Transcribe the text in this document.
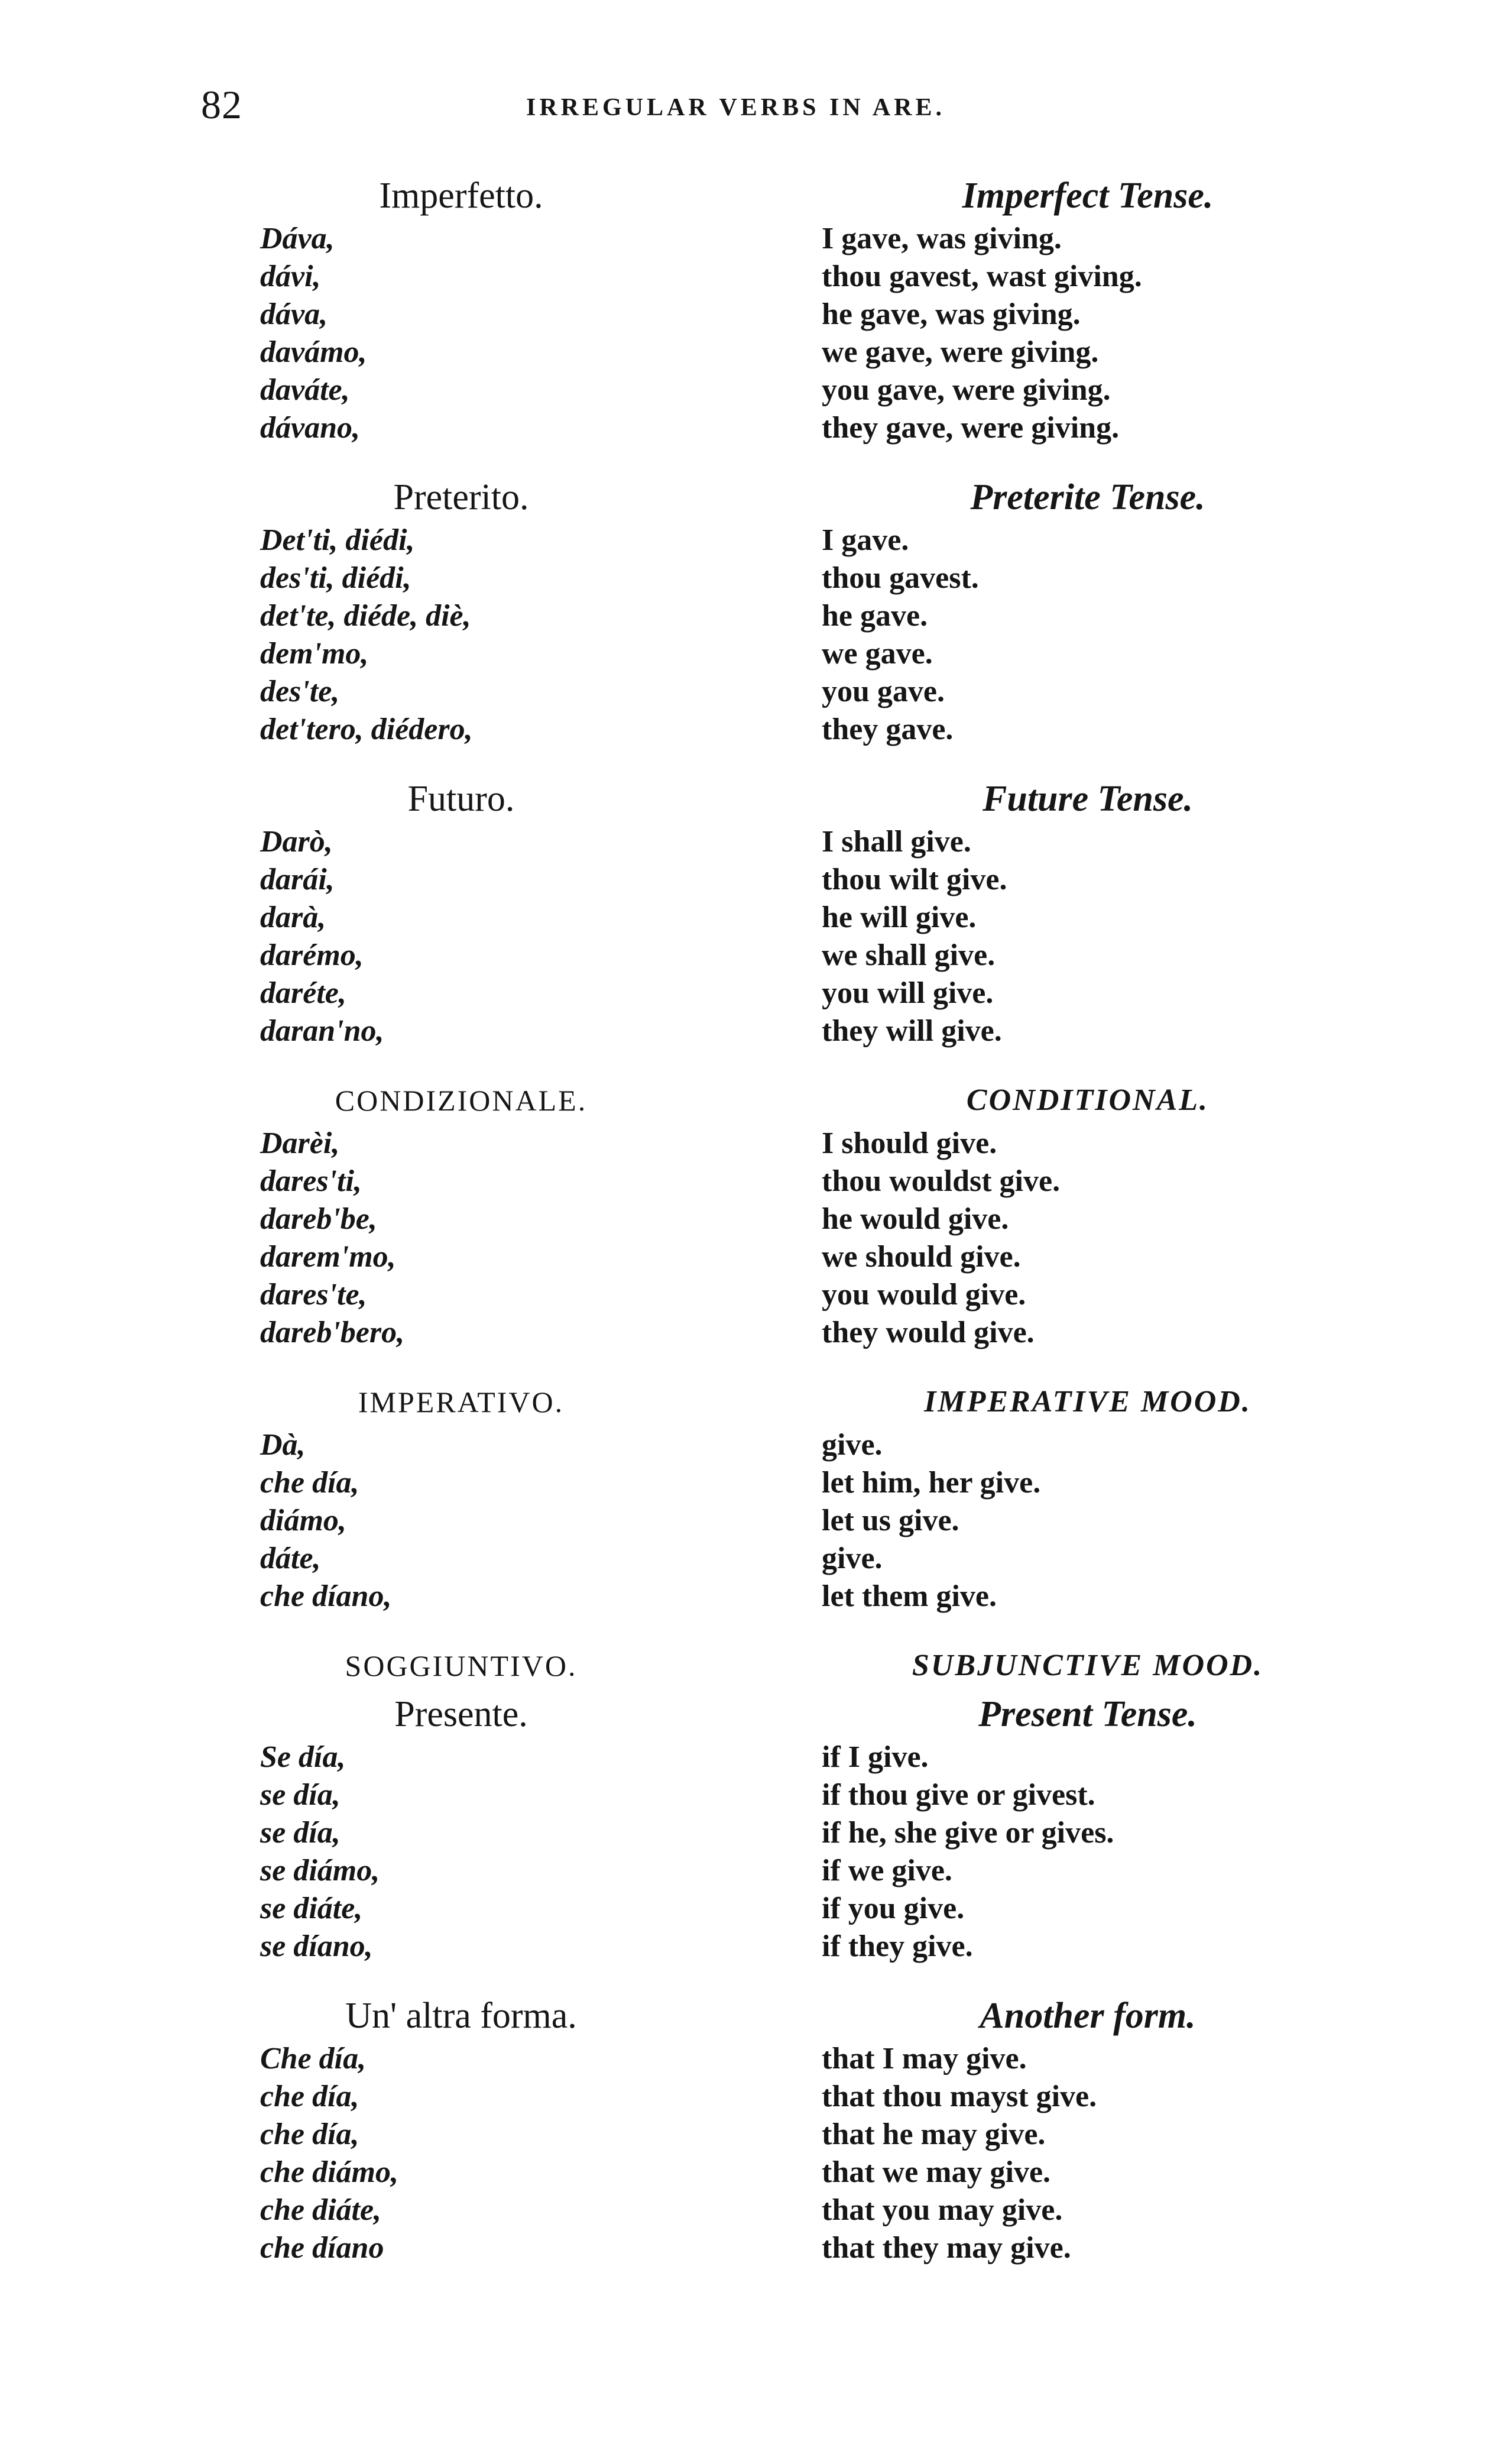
82	IRREGULAR VERBS IN ARE.
Imperfetto.
Dáva,
dávi,
dáva,
davámo,
daváte,
dávano,
Preterito.
Det'ti, diédi,
des'ti, diédi,
det'te, diéde, diè,
dem'mo,
des'te,
det'tero, diédero,
Futuro.
Darò,
darái,
darà,
darémo,
daréte,
daran'no,
CONDIZIONALE.
Darèi,
dares'ti,
dareb'be,
darem'mo,
dares'te,
dareb'bero,
IMPERATIVO.
Dà,
che día,
diámo,
dáte,
che díano,
SOGGIUNTIVO.
Presente.
Se día,
se día,
se día,
se diámo,
se diáte,
se díano,
Un' altra forma.
Che día,
che día,
che día,
che diámo,
che diáte,
che díano
Imperfect Tense.
I gave, was giving.
thou gavest, wast giving.
he gave, was giving.
we gave, were giving.
you gave, were giving.
they gave, were giving.
Preterite Tense.
I gave.
thou gavest.
he gave.
we gave.
you gave.
they gave.
Future Tense.
I shall give.
thou wilt give.
he will give.
we shall give.
you will give.
they will give.
CONDITIONAL.
I should give.
thou wouldst give.
he would give.
we should give.
you would give.
they would give.
IMPERATIVE MOOD.
give.
let him, her give.
let us give.
give.
let them give.
SUBJUNCTIVE MOOD.
Present Tense.
if I give.
if thou give or givest.
if he, she give or gives.
if we give.
if you give.
if they give.
Another form.
that I may give.
that thou mayst give.
that he may give.
that we may give.
that you may give.
that they may give.
